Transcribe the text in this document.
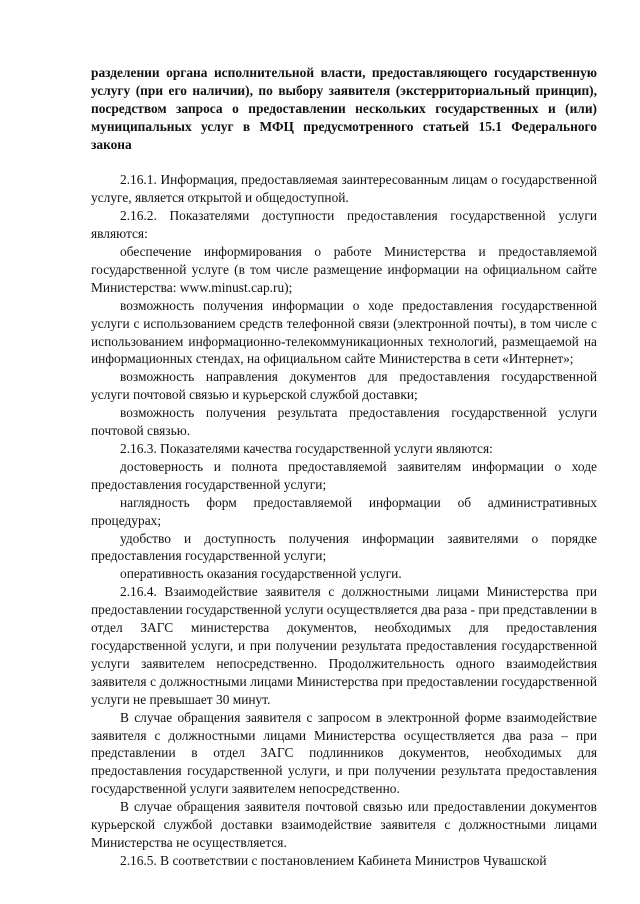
разделении органа исполнительной власти, предоставляющего государственную услугу (при его наличии), по выбору заявителя (экстерриториальный принцип), посредством запроса о предоставлении нескольких государственных и (или) муниципальных услуг в МФЦ предусмотренного статьей 15.1 Федерального закона

2.16.1. Информация, предоставляемая заинтересованным лицам о государственной услуге, является открытой и общедоступной.

2.16.2. Показателями доступности предоставления государственной услуги являются:

обеспечение информирования о работе Министерства и предоставляемой государственной услуге (в том числе размещение информации на официальном сайте Министерства: www.minust.cap.ru);

возможность получения информации о ходе предоставления государственной услуги с использованием средств телефонной связи (электронной почты), в том числе с использованием информационно-телекоммуникационных технологий, размещаемой на информационных стендах, на официальном сайте Министерства в сети «Интернет»;

возможность направления документов для предоставления государственной услуги почтовой связью и курьерской службой доставки;

возможность получения результата предоставления государственной услуги почтовой связью.

2.16.3. Показателями качества государственной услуги являются:

достоверность и полнота предоставляемой заявителям информации о ходе предоставления государственной услуги;

наглядность форм предоставляемой информации об административных процедурах;

удобство и доступность получения информации заявителями о порядке предоставления государственной услуги;

оперативность оказания государственной услуги.

2.16.4. Взаимодействие заявителя с должностными лицами Министерства при предоставлении государственной услуги осуществляется два раза - при представлении в отдел ЗАГС министерства документов, необходимых для предоставления государственной услуги, и при получении результата предоставления государственной услуги заявителем непосредственно. Продолжительность одного взаимодействия заявителя с должностными лицами Министерства при предоставлении государственной услуги не превышает 30 минут.

В случае обращения заявителя с запросом в электронной форме взаимодействие заявителя с должностными лицами Министерства осуществляется два раза – при представлении в отдел ЗАГС подлинников документов, необходимых для предоставления государственной услуги, и при получении результата предоставления государственной услуги заявителем непосредственно.

В случае обращения заявителя почтовой связью или предоставлении документов курьерской службой доставки взаимодействие заявителя с должностными лицами Министерства не осуществляется.

2.16.5. В соответствии с постановлением Кабинета Министров Чувашской
